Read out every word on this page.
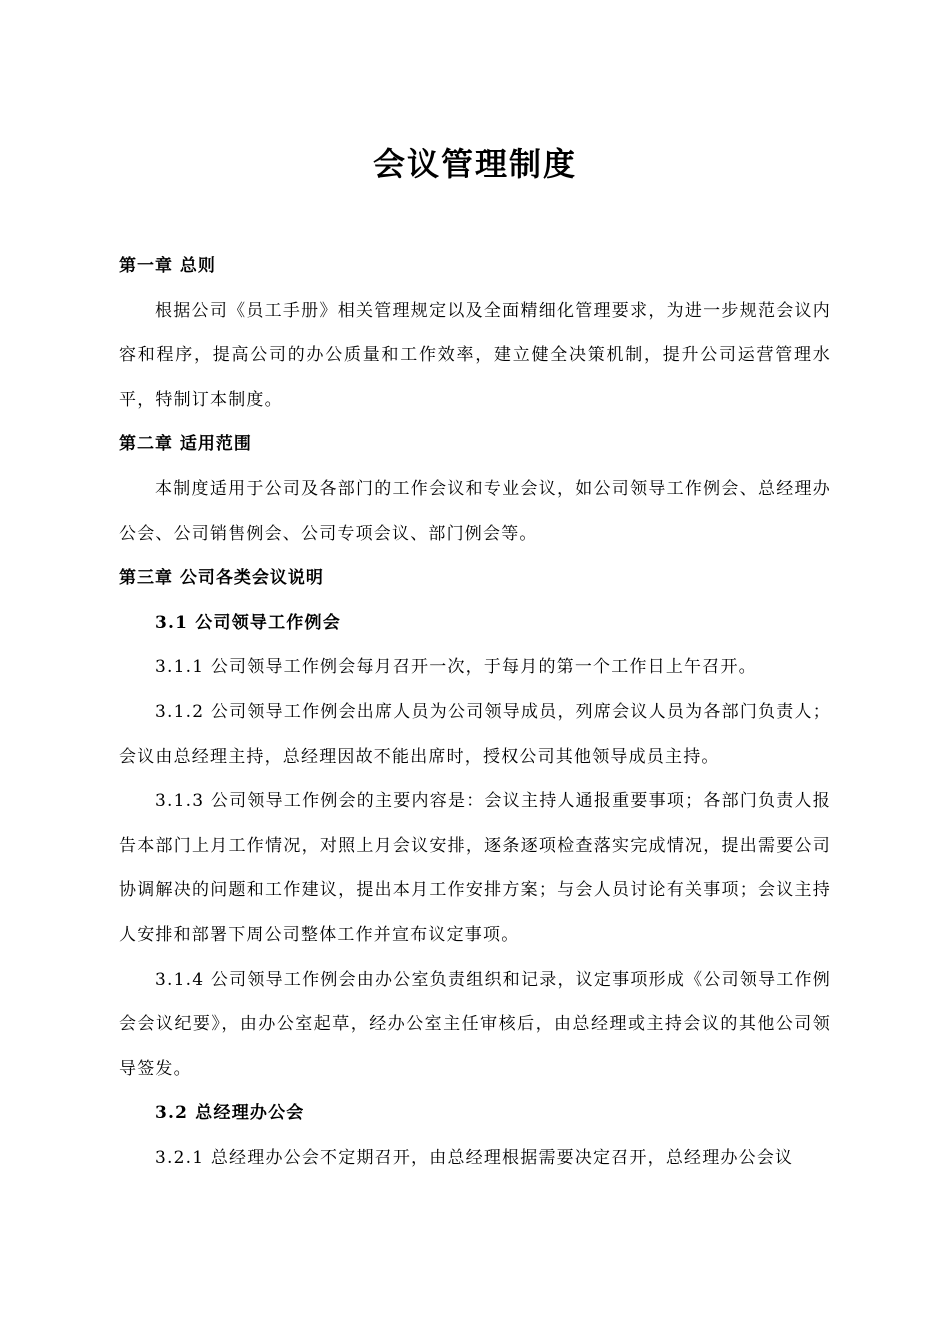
会议管理制度

第一章 总则

根据公司《员工手册》相关管理规定以及全面精细化管理要求，为进一步规范会议内容和程序，提高公司的办公质量和工作效率，建立健全决策机制，提升公司运营管理水平，特制订本制度。

第二章 适用范围

本制度适用于公司及各部门的工作会议和专业会议，如公司领导工作例会、总经理办公会、公司销售例会、公司专项会议、部门例会等。

第三章 公司各类会议说明

3.1 公司领导工作例会

3.1.1 公司领导工作例会每月召开一次，于每月的第一个工作日上午召开。

3.1.2 公司领导工作例会出席人员为公司领导成员，列席会议人员为各部门负责人；会议由总经理主持，总经理因故不能出席时，授权公司其他领导成员主持。

3.1.3 公司领导工作例会的主要内容是：会议主持人通报重要事项；各部门负责人报告本部门上月工作情况，对照上月会议安排，逐条逐项检查落实完成情况，提出需要公司协调解决的问题和工作建议，提出本月工作安排方案；与会人员讨论有关事项；会议主持人安排和部署下周公司整体工作并宣布议定事项。

3.1.4 公司领导工作例会由办公室负责组织和记录，议定事项形成《公司领导工作例会会议纪要》，由办公室起草，经办公室主任审核后，由总经理或主持会议的其他公司领导签发。

3.2 总经理办公会

3.2.1 总经理办公会不定期召开，由总经理根据需要决定召开，总经理办公会议
